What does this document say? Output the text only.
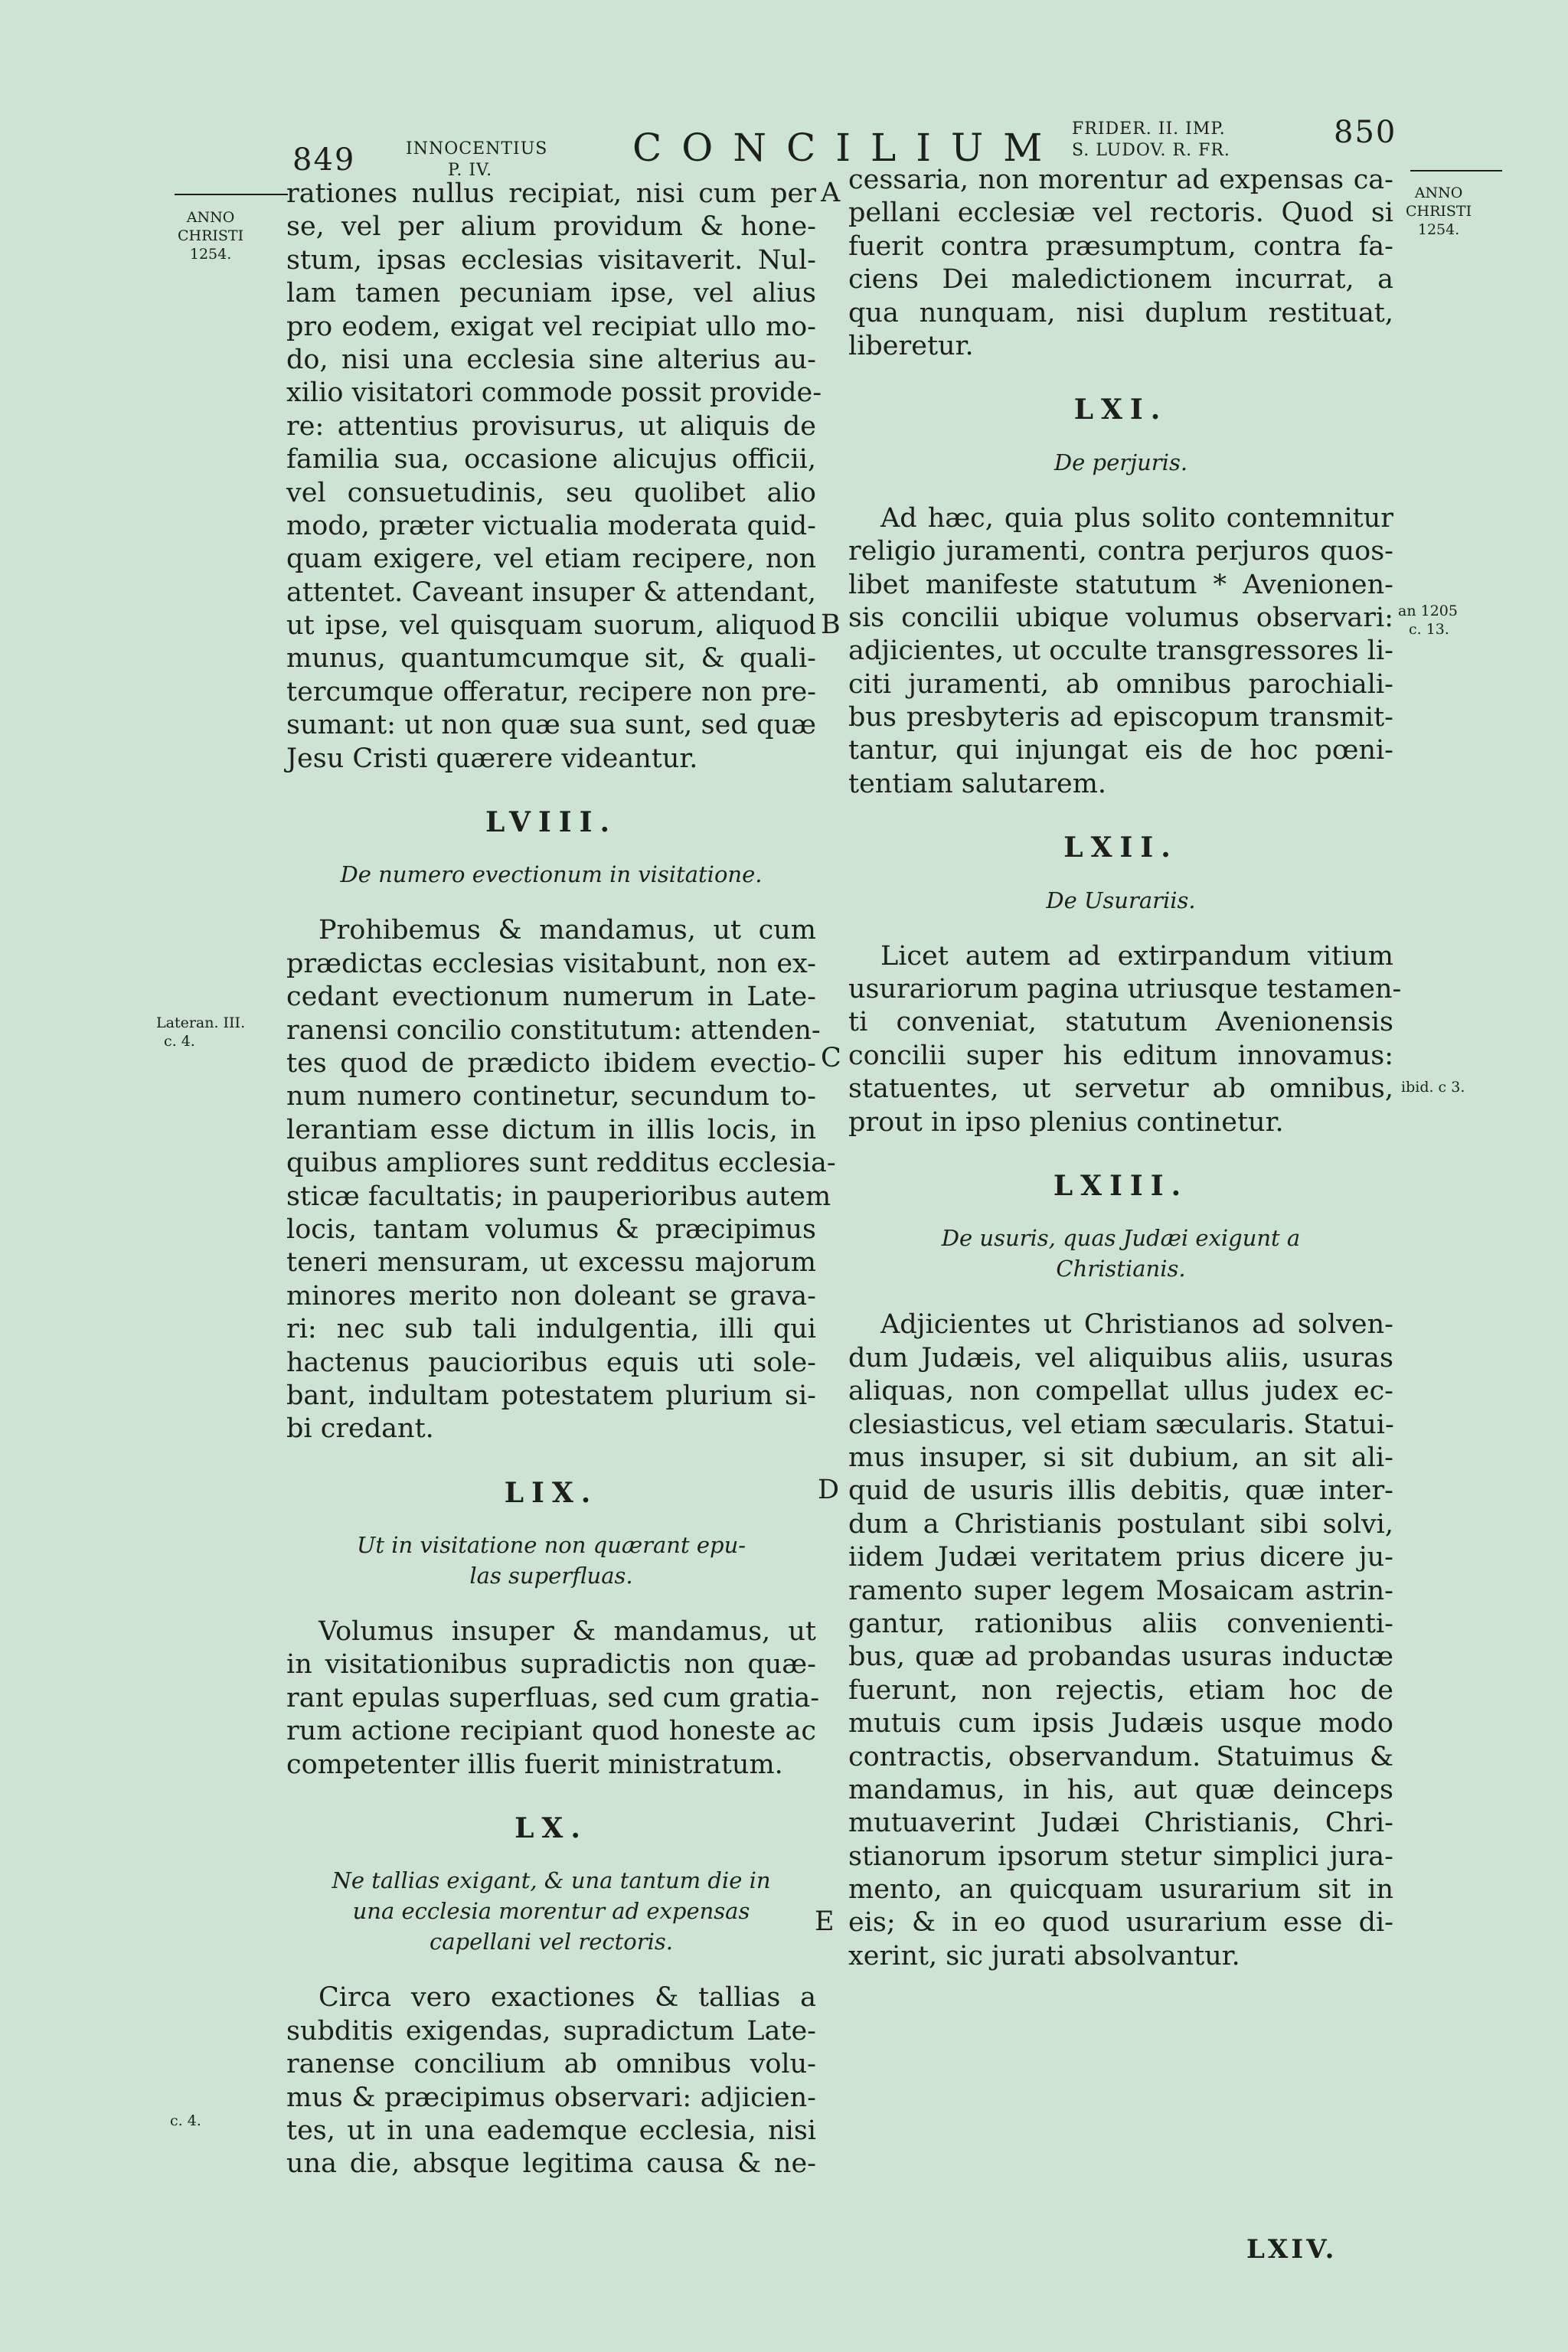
849	INNOCENTIUS
P. IV.
CONCILIUM FRIDER. II. IMP.
S. LUDOV. R. FR.
850
ANNO
CHRISTI
1254.
ANNO
CHRISTI
1254.
Lateran. III.
c. 4.
c. 4.
an 1205
c. 13.
ibid. c 3.
A
B
C
D
E
rationes nullus recipiat, nisi cum per
se, vel per alium providum & hone-
stum, ipsas ecclesias visitaverit. Nul-
lam tamen pecuniam ipse, vel alius
pro eodem, exigat vel recipiat ullo mo-
do, nisi una ecclesia sine alterius au-
xilio visitatori commode possit provide-
re: attentius provisurus, ut aliquis de
familia sua, occasione alicujus officii,
vel consuetudinis, seu quolibet alio
modo, præter victualia moderata quid-
quam exigere, vel etiam recipere, non
attentet. Caveant insuper & attendant,
ut ipse, vel quisquam suorum, aliquod
munus, quantumcumque sit, & quali-
tercumque offeratur, recipere non pre-
sumant: ut non quæ sua sunt, sed quæ
Jesu Cristi quærere videantur.
LVIII.
De numero evectionum in visitatione.
Prohibemus & mandamus, ut cum
prædictas ecclesias visitabunt, non ex-
cedant evectionum numerum in Late-
ranensi concilio constitutum: attenden-
tes quod de prædicto ibidem evectio-
num numero continetur, secundum to-
lerantiam esse dictum in illis locis, in
quibus ampliores sunt redditus ecclesia-
sticæ facultatis; in pauperioribus autem
locis, tantam volumus & præcipimus
teneri mensuram, ut excessu majorum
minores merito non doleant se grava-
ri: nec sub tali indulgentia, illi qui
hactenus paucioribus equis uti sole-
bant, indultam potestatem plurium si-
bi credant.
LIX.
Ut in visitatione non quærant epu-
las superfluas.
Volumus insuper & mandamus, ut
in visitationibus supradictis non quæ-
rant epulas superfluas, sed cum gratia-
rum actione recipiant quod honeste ac
competenter illis fuerit ministratum.
LX.
Ne tallias exigant, & una tantum die in
una ecclesia morentur ad expensas
capellani vel rectoris.
Circa vero exactiones & tallias a
subditis exigendas, supradictum Late-
ranense concilium ab omnibus volu-
mus & præcipimus observari: adjicien-
tes, ut in una eademque ecclesia, nisi
una die, absque legitima causa & ne-
cessaria, non morentur ad expensas ca-
pellani ecclesiæ vel rectoris. Quod si
fuerit contra præsumptum, contra fa-
ciens Dei maledictionem incurrat, a
qua nunquam, nisi duplum restituat,
liberetur.
LXI.
De perjuris.
Ad hæc, quia plus solito contemnitur
religio juramenti, contra perjuros quos-
libet manifeste statutum * Avenionen-
sis concilii ubique volumus observari:
adjicientes, ut occulte transgressores li-
citi juramenti, ab omnibus parochiali-
bus presbyteris ad episcopum transmit-
tantur, qui injungat eis de hoc pœni-
tentiam salutarem.
LXII.
De Usurariis.
Licet autem ad extirpandum vitium
usurariorum pagina utriusque testamen-
ti conveniat, statutum Avenionensis
concilii super his editum innovamus:
statuentes, ut servetur ab omnibus,
prout in ipso plenius continetur.
LXIII.
De usuris, quas Judæi exigunt a
Christianis.
Adjicientes ut Christianos ad solven-
dum Judæis, vel aliquibus aliis, usuras
aliquas, non compellat ullus judex ec-
clesiasticus, vel etiam sæcularis. Statui-
mus insuper, si sit dubium, an sit ali-
quid de usuris illis debitis, quæ inter-
dum a Christianis postulant sibi solvi,
iidem Judæi veritatem prius dicere ju-
ramento super legem Mosaicam astrin-
gantur, rationibus aliis convenienti-
bus, quæ ad probandas usuras inductæ
fuerunt, non rejectis, etiam hoc de
mutuis cum ipsis Judæis usque modo
contractis, observandum. Statuimus &
mandamus, in his, aut quæ deinceps
mutuaverint Judæi Christianis, Chri-
stianorum ipsorum stetur simplici jura-
mento, an quicquam usurarium sit in
eis; & in eo quod usurarium esse di-
xerint, sic jurati absolvantur.
LXIV.
